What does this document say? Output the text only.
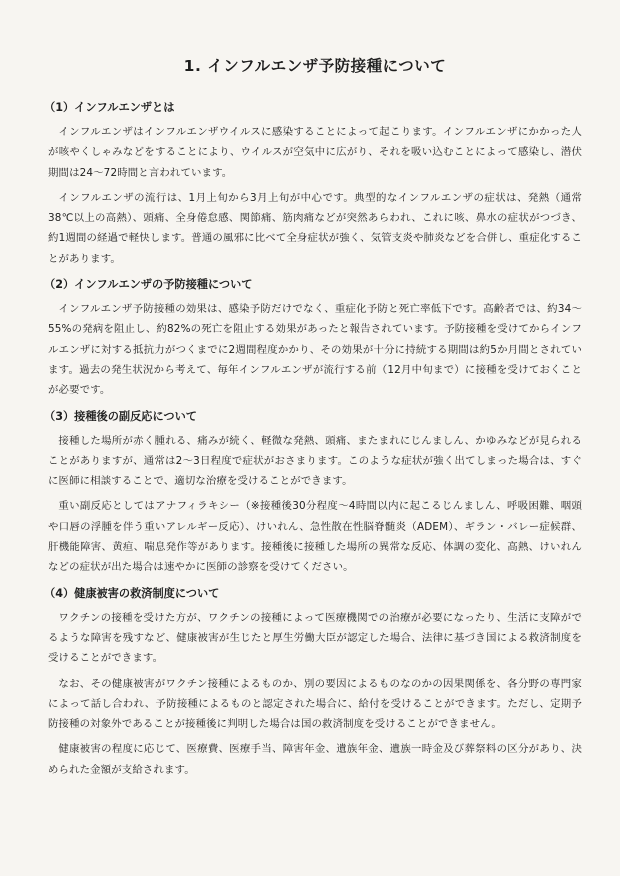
1. インフルエンザ予防接種について
（1）インフルエンザとは

インフルエンザはインフルエンザウイルスに感染することによって起こります。インフルエンザにかかった人が咳やくしゃみなどをすることにより、ウイルスが空気中に広がり、それを吸い込むことによって感染し、潜伏期間は24～72時間と言われています。

インフルエンザの流行は、1月上旬から3月上旬が中心です。典型的なインフルエンザの症状は、発熱（通常38℃以上の高熱）、頭痛、全身倦怠感、関節痛、筋肉痛などが突然あらわれ、これに咳、鼻水の症状がつづき、約1週間の経過で軽快します。普通の風邪に比べて全身症状が強く、気管支炎や肺炎などを合併し、重症化することがあります。

（2）インフルエンザの予防接種について

インフルエンザ予防接種の効果は、感染予防だけでなく、重症化予防と死亡率低下です。高齢者では、約34～55%の発病を阻止し、約82%の死亡を阻止する効果があったと報告されています。予防接種を受けてからインフルエンザに対する抵抗力がつくまでに2週間程度かかり、その効果が十分に持続する期間は約5か月間とされています。過去の発生状況から考えて、毎年インフルエンザが流行する前（12月中旬まで）に接種を受けておくことが必要です。

（3）接種後の副反応について

接種した場所が赤く腫れる、痛みが続く、軽微な発熱、頭痛、またまれにじんましん、かゆみなどが見られることがありますが、通常は2～3日程度で症状がおさまります。このような症状が強く出てしまった場合は、すぐに医師に相談することで、適切な治療を受けることができます。

重い副反応としてはアナフィラキシー（※接種後30分程度～4時間以内に起こるじんましん、呼吸困難、咽頭や口唇の浮腫を伴う重いアレルギー反応）、けいれん、急性散在性脳脊髄炎（ADEM）、ギラン・バレー症候群、肝機能障害、黄疸、喘息発作等があります。接種後に接種した場所の異常な反応、体調の変化、高熱、けいれんなどの症状が出た場合は速やかに医師の診察を受けてください。

（4）健康被害の救済制度について

ワクチンの接種を受けた方が、ワクチンの接種によって医療機関での治療が必要になったり、生活に支障がでるような障害を残すなど、健康被害が生じたと厚生労働大臣が認定した場合、法律に基づき国による救済制度を受けることができます。

なお、その健康被害がワクチン接種によるものか、別の要因によるものなのかの因果関係を、各分野の専門家によって話し合われ、予防接種によるものと認定された場合に、給付を受けることができます。ただし、定期予防接種の対象外であることが接種後に判明した場合は国の救済制度を受けることができません。

健康被害の程度に応じて、医療費、医療手当、障害年金、遺族年金、遺族一時金及び葬祭料の区分があり、決められた金額が支給されます。
